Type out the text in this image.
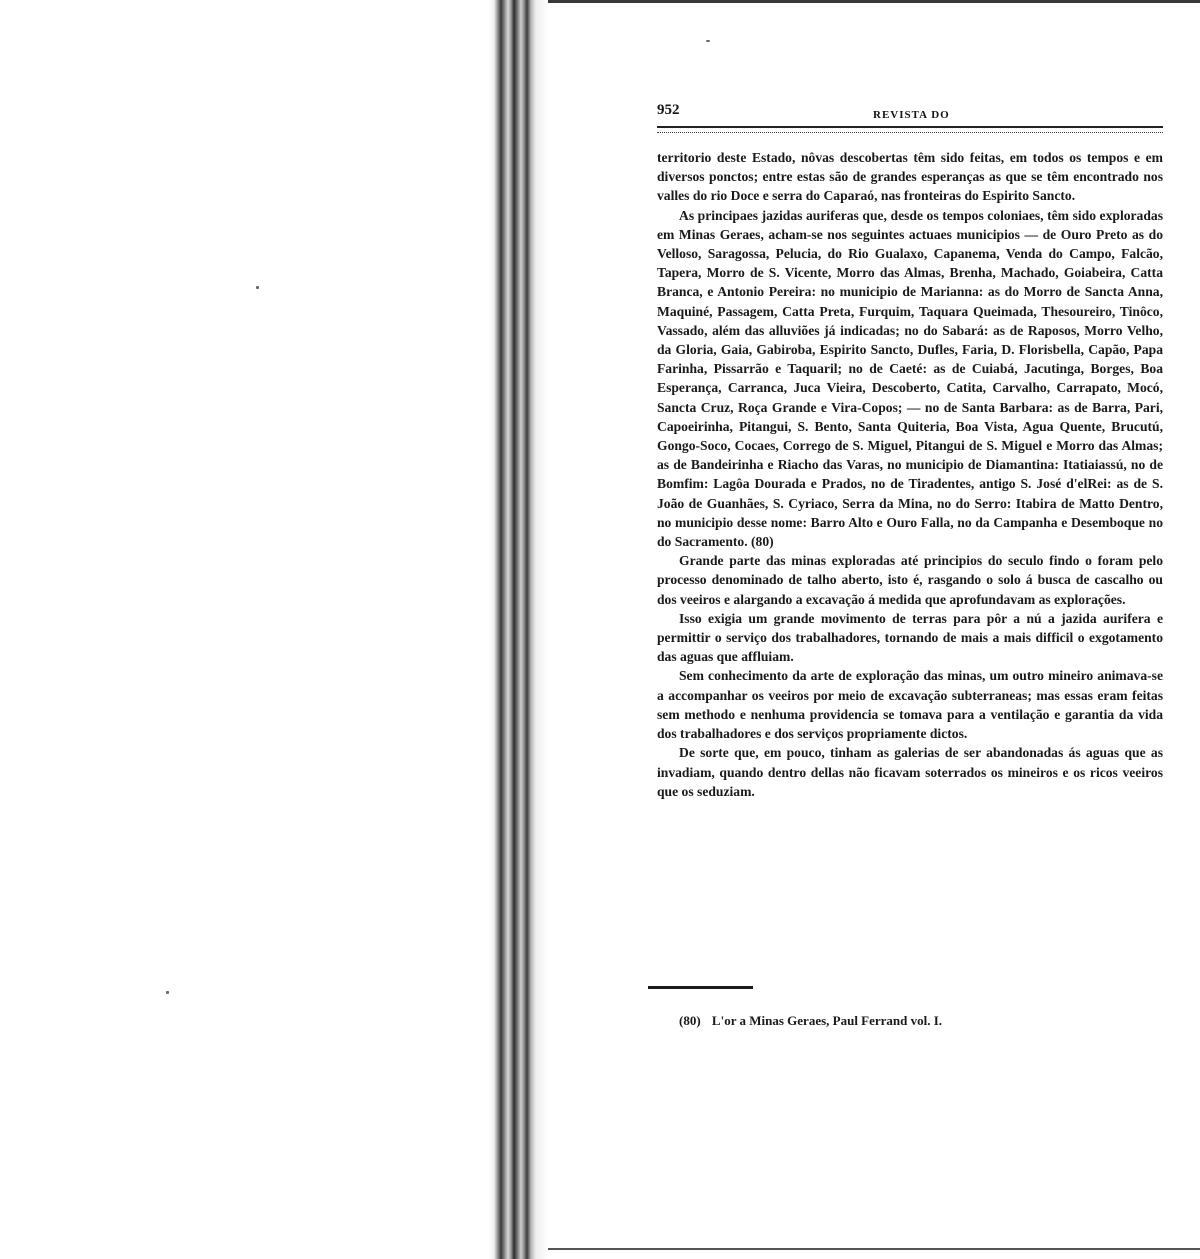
952	REVISTA DO

territorio deste Estado, nôvas descobertas têm sido feitas, em todos os tempos e em diversos ponctos; entre estas são de grandes esperanças as que se têm encontrado nos valles do rio Doce e serra do Caparaó, nas fronteiras do Espirito Sancto.

As principaes jazidas auriferas que, desde os tempos coloniaes, têm sido exploradas em Minas Geraes, acham-se nos seguintes actuaes municipios — de Ouro Preto as do Velloso, Saragossa, Pelucia, do Rio Gualaxo, Capanema, Venda do Campo, Falcão, Tapera, Morro de S. Vicente, Morro das Almas, Brenha, Machado, Goiabeira, Catta Branca, e Antonio Pereira: no municipio de Marianna: as do Morro de Sancta Anna, Maquiné, Passagem, Catta Preta, Furquim, Taquara Queimada, Thesoureiro, Tinôco, Vassado, além das alluviões já indicadas; no do Sabará: as de Raposos, Morro Velho, da Gloria, Gaia, Gabiroba, Espirito Sancto, Dufles, Faria, D. Florisbella, Capão, Papa Farinha, Pissarrão e Taquaril; no de Caeté: as de Cuiabá, Jacutinga, Borges, Boa Esperança, Carranca, Juca Vieira, Descoberto, Catita, Carvalho, Carrapato, Mocó, Sancta Cruz, Roça Grande e Vira-Copos; — no de Santa Barbara: as de Barra, Pari, Capoeirinha, Pitangui, S. Bento, Santa Quiteria, Boa Vista, Agua Quente, Brucutú, Gongo-Soco, Cocaes, Corrego de S. Miguel, Pitangui de S. Miguel e Morro das Almas; as de Bandeirinha e Riacho das Varas, no municipio de Diamantina: Itatiaiassú, no de Bomfim: Lagôa Dourada e Prados, no de Tiradentes, antigo S. José d'elRei: as de S. João de Guanhães, S. Cyriaco, Serra da Mina, no do Serro: Itabira de Matto Dentro, no municipio desse nome: Barro Alto e Ouro Falla, no da Campanha e Desemboque no do Sacramento. (80)

Grande parte das minas exploradas até principios do seculo findo o foram pelo processo denominado de talho aberto, isto é, rasgando o solo á busca de cascalho ou dos veeiros e alargando a excavação á medida que aprofundavam as explorações.

Isso exigia um grande movimento de terras para pôr a nú a jazida aurifera e permittir o serviço dos trabalhadores, tornando de mais a mais difficil o exgotamento das aguas que affluiam.

Sem conhecimento da arte de exploração das minas, um outro mineiro animava-se a accompanhar os veeiros por meio de excavação subterraneas; mas essas eram feitas sem methodo e nenhuma providencia se tomava para a ventilação e garantia da vida dos trabalhadores e dos serviços propriamente dictos.

De sorte que, em pouco, tinham as galerias de ser abandonadas ás aguas que as invadiam, quando dentro dellas não ficavam soterrados os mineiros e os ricos veeiros que os seduziam.

(80) L'or a Minas Geraes, Paul Ferrand vol. I.
